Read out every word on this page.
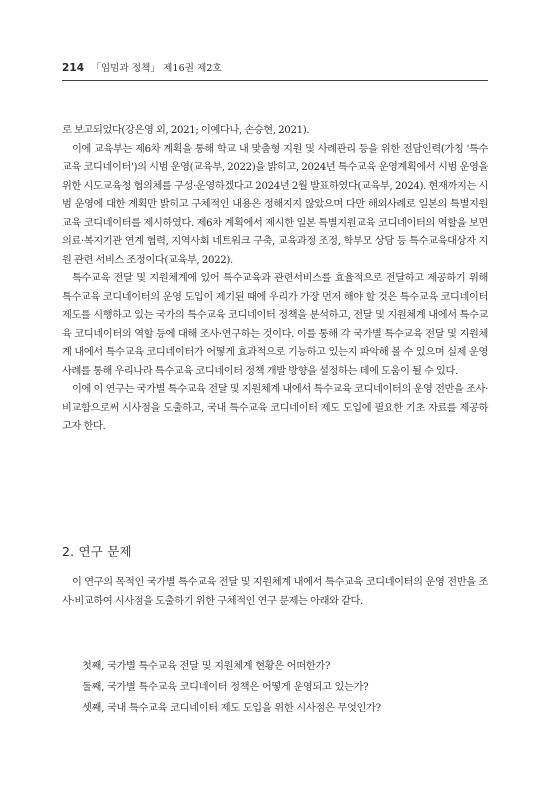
214 「임밈과 정책」 제16권 제2호

로 보고되었다(강은영 외, 2021; 이예다나, 손승현, 2021).

이에 교육부는 제6차 계획을 통해 학교 내 맞춤형 지원 및 사례관리 등을 위한 전담인력(가칭 '특수교육 코디네이터')의 시범 운영(교육부, 2022)을 밝히고, 2024년 특수교육 운영계획에서 시범 운영을 위한 시도교육청 협의체를 구성·운영하겠다고 2024년 2월 발표하였다(교육부, 2024). 현재까지는 시범 운영에 대한 계획만 밝히고 구체적인 내용은 정해지지 않았으며 다만 해외사례로 일본의 특별지원교육 코디네이터를 제시하였다. 제6차 계획에서 제시한 일본 특별지원교육 코디네이터의 역할을 보면 의료·복지기관 연계 협력, 지역사회 네트워크 구축, 교육과정 조정, 학부모 상담 등 특수교육대상자 지원 관련 서비스 조정이다(교육부, 2022).

특수교육 전달 및 지원체계에 있어 특수교육과 관련서비스를 효율적으로 전달하고 제공하기 위해 특수교육 코디네이터의 운영 도입이 제기된 때에 우리가 가장 먼저 해야 할 것은 특수교육 코디네이터 제도를 시행하고 있는 국가의 특수교육 코디네이터 정책을 분석하고, 전달 및 지원체계 내에서 특수교육 코디네이터의 역할 등에 대해 조사·연구하는 것이다. 이를 통해 각 국가별 특수교육 전달 및 지원체계 내에서 특수교육 코디네이터가 어떻게 효과적으로 기능하고 있는지 파악해 볼 수 있으며 실제 운영 사례를 통해 우리나라 특수교육 코디네이터 정책 개발 방향을 설정하는 데에 도움이 될 수 있다.

이에 이 연구는 국가별 특수교육 전달 및 지원체계 내에서 특수교육 코디네이터의 운영 전반을 조사·비교함으로써 시사점을 도출하고, 국내 특수교육 코디네이터 제도 도입에 필요한 기초 자료를 제공하고자 한다.

2. 연구 문제

이 연구의 목적인 국가별 특수교육 전달 및 지원체계 내에서 특수교육 코디네이터의 운영 전반을 조사·비교하여 시사점을 도출하기 위한 구체적인 연구 문제는 아래와 같다.

첫째, 국가별 특수교육 전달 및 지원체계 현황은 어떠한가?
둘째, 국가별 특수교육 코디네이터 정책은 어떻게 운영되고 있는가?
셋째, 국내 특수교육 코디네이터 제도 도입을 위한 시사점은 무엇인가?
